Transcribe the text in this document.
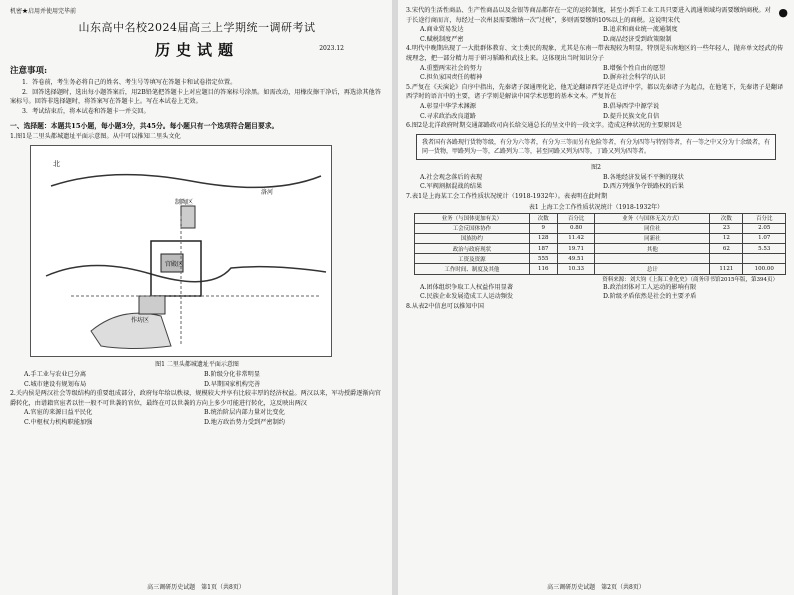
机密★启用并使用完毕前
山东高中名校2024届高三上学期统一调研考试
历史试题	2023.12
注意事项:

1．答卷前，考生务必将自己的姓名、考生号等填写在答题卡和试卷指定位置。

2．回答选择题时，选出每小题答案后，用2B铅笔把答题卡上对应题目的答案标号涂黑。如需改动，用橡皮擦干净后，再选涂其他答案标号。回答非选择题时，将答案写在答题卡上。写在本试卷上无效。

3．考试结束后，将本试卷和答题卡一并交回。

一、选择题：本题共15小题，每小题3分，共45分。每小题只有一个选项符合题目要求。

1.图1是二里头都城遗址平面示意图。从中可以推知二里头文化

北
洛河
宫殿区
制陶区
作坊区
图1 二里头都城遗址平面示意图
A.手工业与农业已分离	B.阶级分化非常明显
C.城市建设有规划布局	D.早期国家机构完善

2.关内侯是两汉社会等级结构的重要组成部分，政府每年给以秩禄，规模较大并享有比较丰厚的经济权益。两汉以来，军功授爵逐渐向官爵转化，由谱籍官宦者以往一般不可世袭的官位，最终在可以世袭的方向上多少可能进行转化，这反映出两汉

A.官宦的来源日益平民化	B.统治阶层内部力量对比变化
C.中枢权力机构职能加强	D.地方政治势力受到严密制约
高三调研历史试题　第1页（共8页）
●

3.宋代的生活性商品、生产性商品以及金银等商品都存在一定的运转制度，甚至小到手工业工具只要进入流通领域均需要缴纳商税。对于长途行商而言，每经过一次州县需要缴纳一次“过税”，多则需要缴纳10%以上的商税。这说明宋代

A.商业贸易发达	B.追求和商业统一流通制度
C.赋税制度严密	D.商品经济受到政策限制

4.明代中晚期出现了一大批群体教育、文士类民的现象，尤其是东南一带表现较为明显，特别是东南地区的一些年轻人，抛弃单文经武的传统理念，把一部分精力用于研习韬略和武技上来。这体现出当时知识分子

A.重塑两宋社会的努力	B.增强个性自由的愿望
C.担负家国责任的精神	D.摒弃社会科学的认识

5.严复在《天演论》自序中指出，先秦诸子深通理化论，他无论翻译西学还是点评中学，都以先秦诸子为起点，在他笔下，先秦诸子是翻译西学时的语言中的主要，诸子学则是解读中国学术思想的基本文本。严复旨在

A.彰显中华学术渊源	B.倡导西学中源学说
C.寻求政治改良道路	D.提升民族文化自信

6.图2是北洋政府时期交通部路政司向长给交通总长的呈文中的一段文字。造成这种状况的主要原因是

我者国有各路现行货物等级，有分为六等者，有分为三等而另有危险等者，有分为四等与特别等者，有一等之中又分为十余级者，有同一货物，甲路列为一等，乙路列为二等，甚至同路又列为四等，丁路又列为四等者。
图2
A.社会观念落后的表现	B.各地经济发展不平衡的现状
C.军阀割据混战的结果	D.西方列强争夺铁路权的后果

7.表1是上海某工会工作性质状况统计（1918-1932年）。表表明在此时期

表1 上海工会工作性质状况统计（1918-1932年）
业务（与国体更加有关）	次数	百分比	业务（与国体无关方式）	次数	百分比
工会反国体协作	9	0.80	同住社	23	2.05
国族协约	128	11.42	同新社	12	1.07
政治与政府现状	187	19.71	其他	62	5.53
工资及资源	555	49.51			
工作时间、制度及其他	116	10.33	总计	1121	100.00
资料来源：刘大钧《上海工业化史》（商务印书馆2015年版，第394页）
A.团体组织争取工人权益作用显著	B.政治团体对工人运动的影响有限
C.民族企业发展造成工人运动频发	D.阶级矛盾依然是社会的主要矛盾

8.从表2中信息可以推知中国

高三调研历史试题　第2页（共8页）
